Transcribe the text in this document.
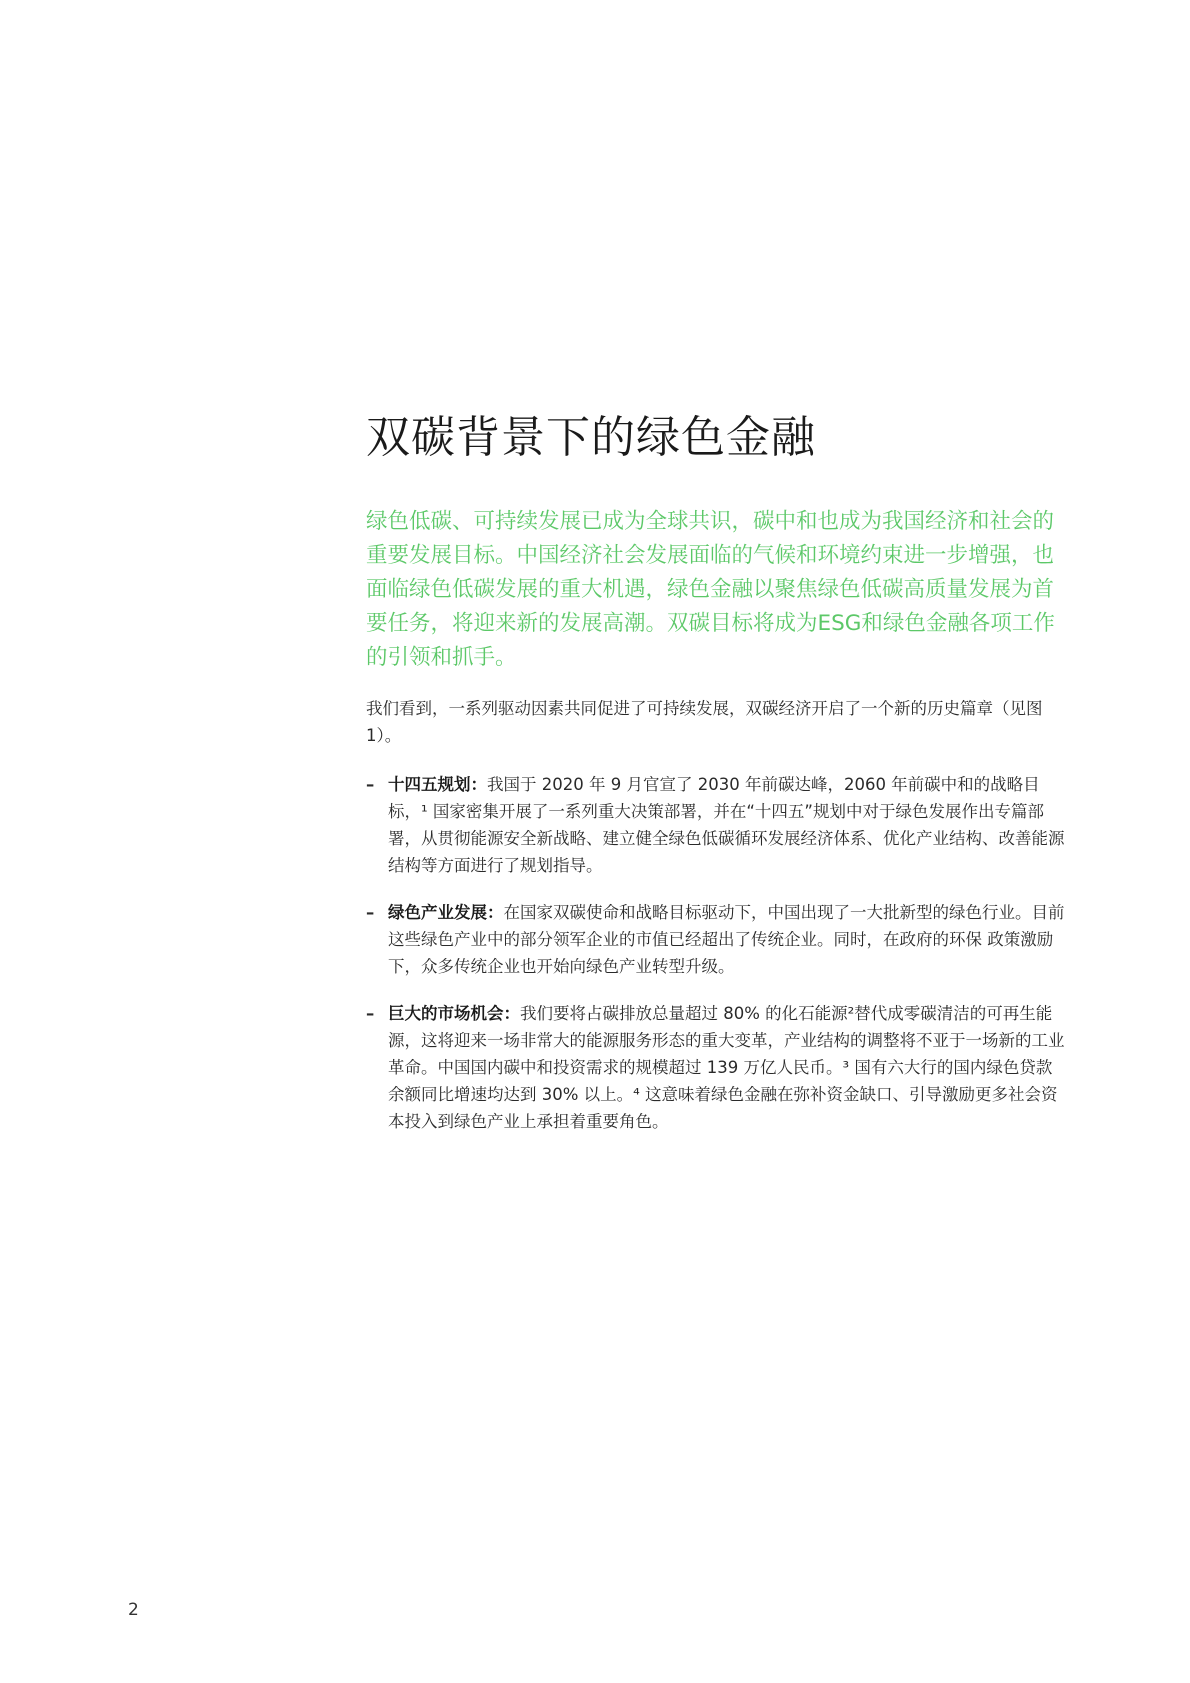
双碳背景下的绿色金融

绿色低碳、可持续发展已成为全球共识，碳中和也成为我国经济和社会的重要发展目标。中国经济社会发展面临的气候和环境约束进一步增强，也面临绿色低碳发展的重大机遇，绿色金融以聚焦绿色低碳高质量发展为首要任务，将迎来新的发展高潮。双碳目标将成为ESG和绿色金融各项工作的引领和抓手。

我们看到，一系列驱动因素共同促进了可持续发展，双碳经济开启了一个新的历史篇章（见图 1）。

– 十四五规划：我国于 2020 年 9 月官宣了 2030 年前碳达峰，2060 年前碳中和的战略目标，¹ 国家密集开展了一系列重大决策部署，并在“十四五”规划中对于绿色发展作出专篇部署，从贯彻能源安全新战略、建立健全绿色低碳循环发展经济体系、优化产业结构、改善能源结构等方面进行了规划指导。
– 绿色产业发展：在国家双碳使命和战略目标驱动下，中国出现了一大批新型的绿色行业。目前这些绿色产业中的部分领军企业的市值已经超出了传统企业。同时，在政府的环保 政策激励下，众多传统企业也开始向绿色产业转型升级。
– 巨大的市场机会：我们要将占碳排放总量超过 80% 的化石能源²替代成零碳清洁的可再生能源，这将迎来一场非常大的能源服务形态的重大变革，产业结构的调整将不亚于一场新的工业革命。中国国内碳中和投资需求的规模超过 139 万亿人民币。³ 国有六大行的国内绿色贷款余额同比增速均达到 30% 以上。⁴ 这意味着绿色金融在弥补资金缺口、引导激励更多社会资本投入到绿色产业上承担着重要角色。
2
